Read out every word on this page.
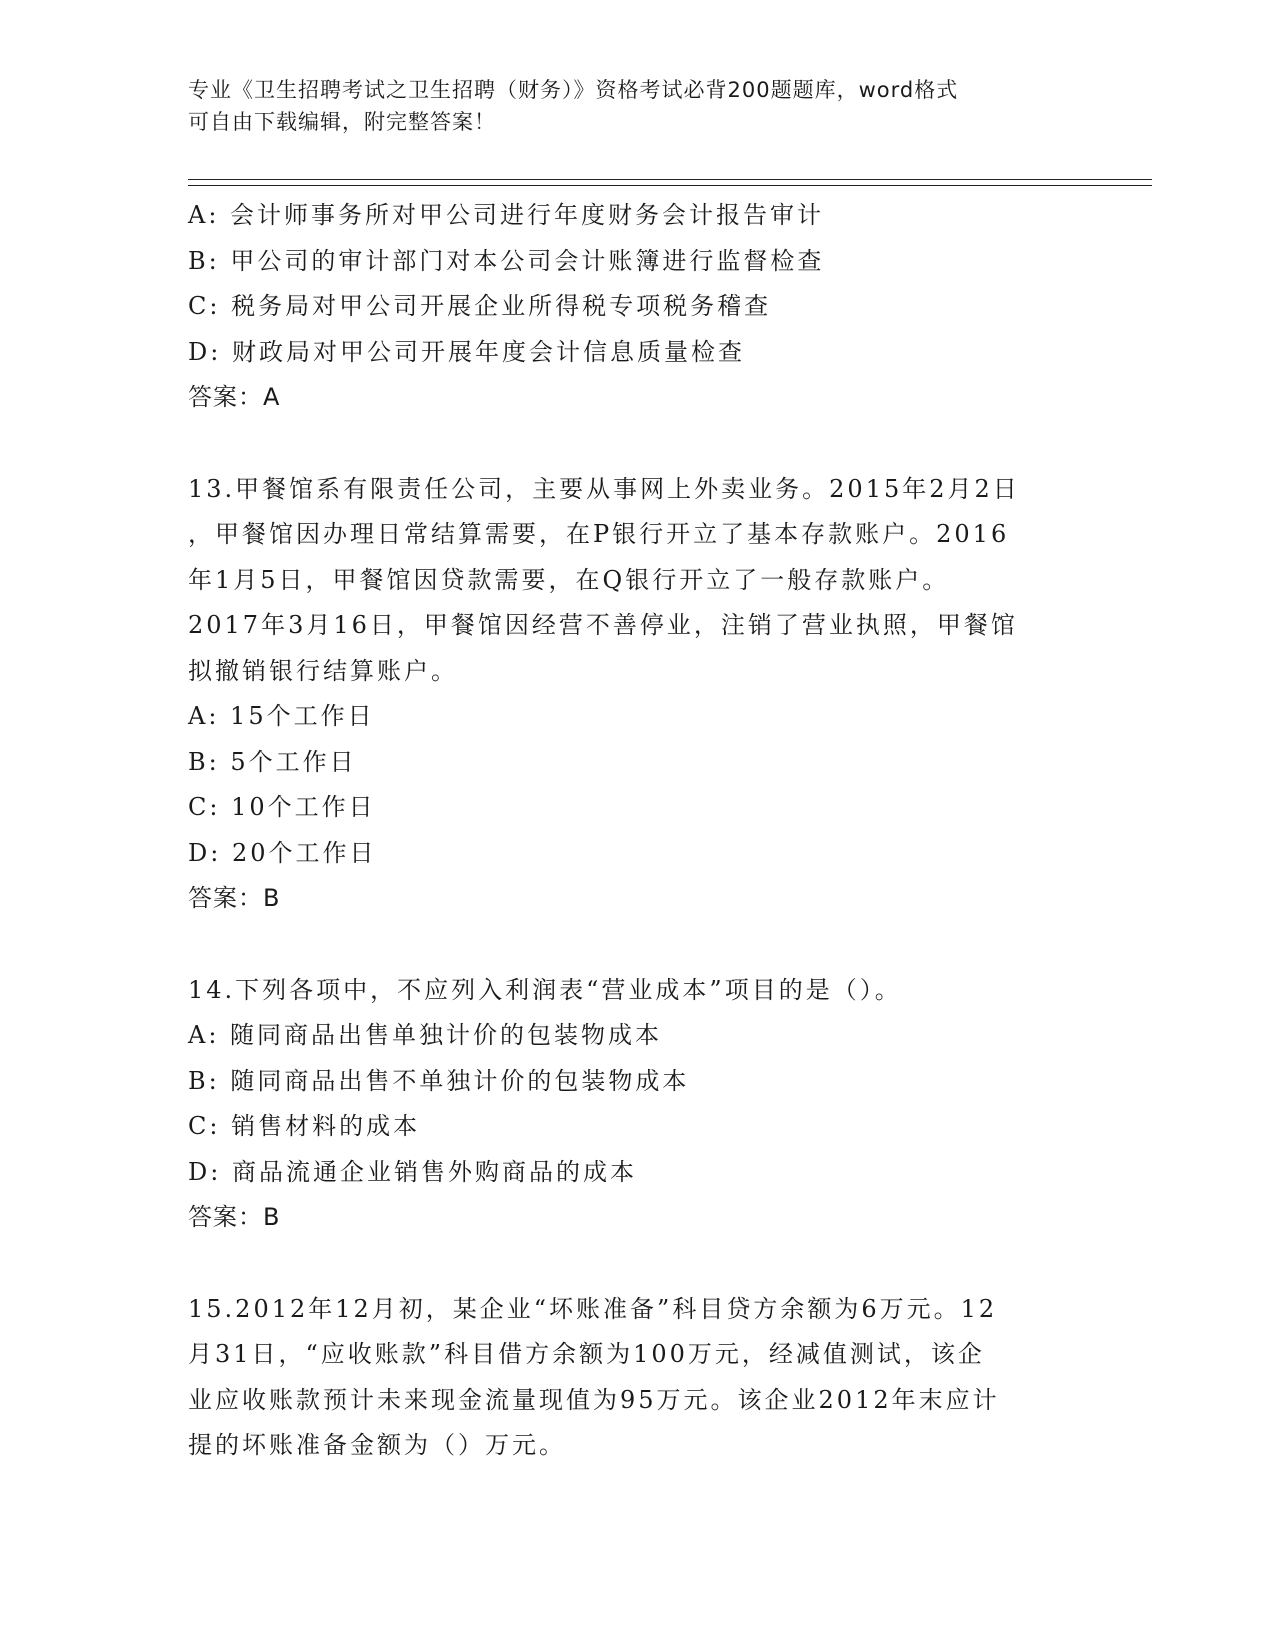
专业《卫生招聘考试之卫生招聘（财务）》资格考试必背200题题库，word格式
可自由下载编辑，附完整答案！
A: 会计师事务所对甲公司进行年度财务会计报告审计
B: 甲公司的审计部门对本公司会计账簿进行监督检查
C: 税务局对甲公司开展企业所得税专项税务稽查
D: 财政局对甲公司开展年度会计信息质量检查
答案：A
13.甲餐馆系有限责任公司，主要从事网上外卖业务。2015年2月2日
，甲餐馆因办理日常结算需要，在P银行开立了基本存款账户。2016
年1月5日，甲餐馆因贷款需要，在Q银行开立了一般存款账户。
2017年3月16日，甲餐馆因经营不善停业，注销了营业执照，甲餐馆
拟撤销银行结算账户。
A: 15个工作日
B: 5个工作日
C: 10个工作日
D: 20个工作日
答案：B
14.下列各项中，不应列入利润表“营业成本”项目的是（）。
A: 随同商品出售单独计价的包装物成本
B: 随同商品出售不单独计价的包装物成本
C: 销售材料的成本
D: 商品流通企业销售外购商品的成本
答案：B
15.2012年12月初，某企业“坏账准备”科目贷方余额为6万元。12
月31日，“应收账款”科目借方余额为100万元，经减值测试，该企
业应收账款预计未来现金流量现值为95万元。该企业2012年末应计
提的坏账准备金额为（）万元。
